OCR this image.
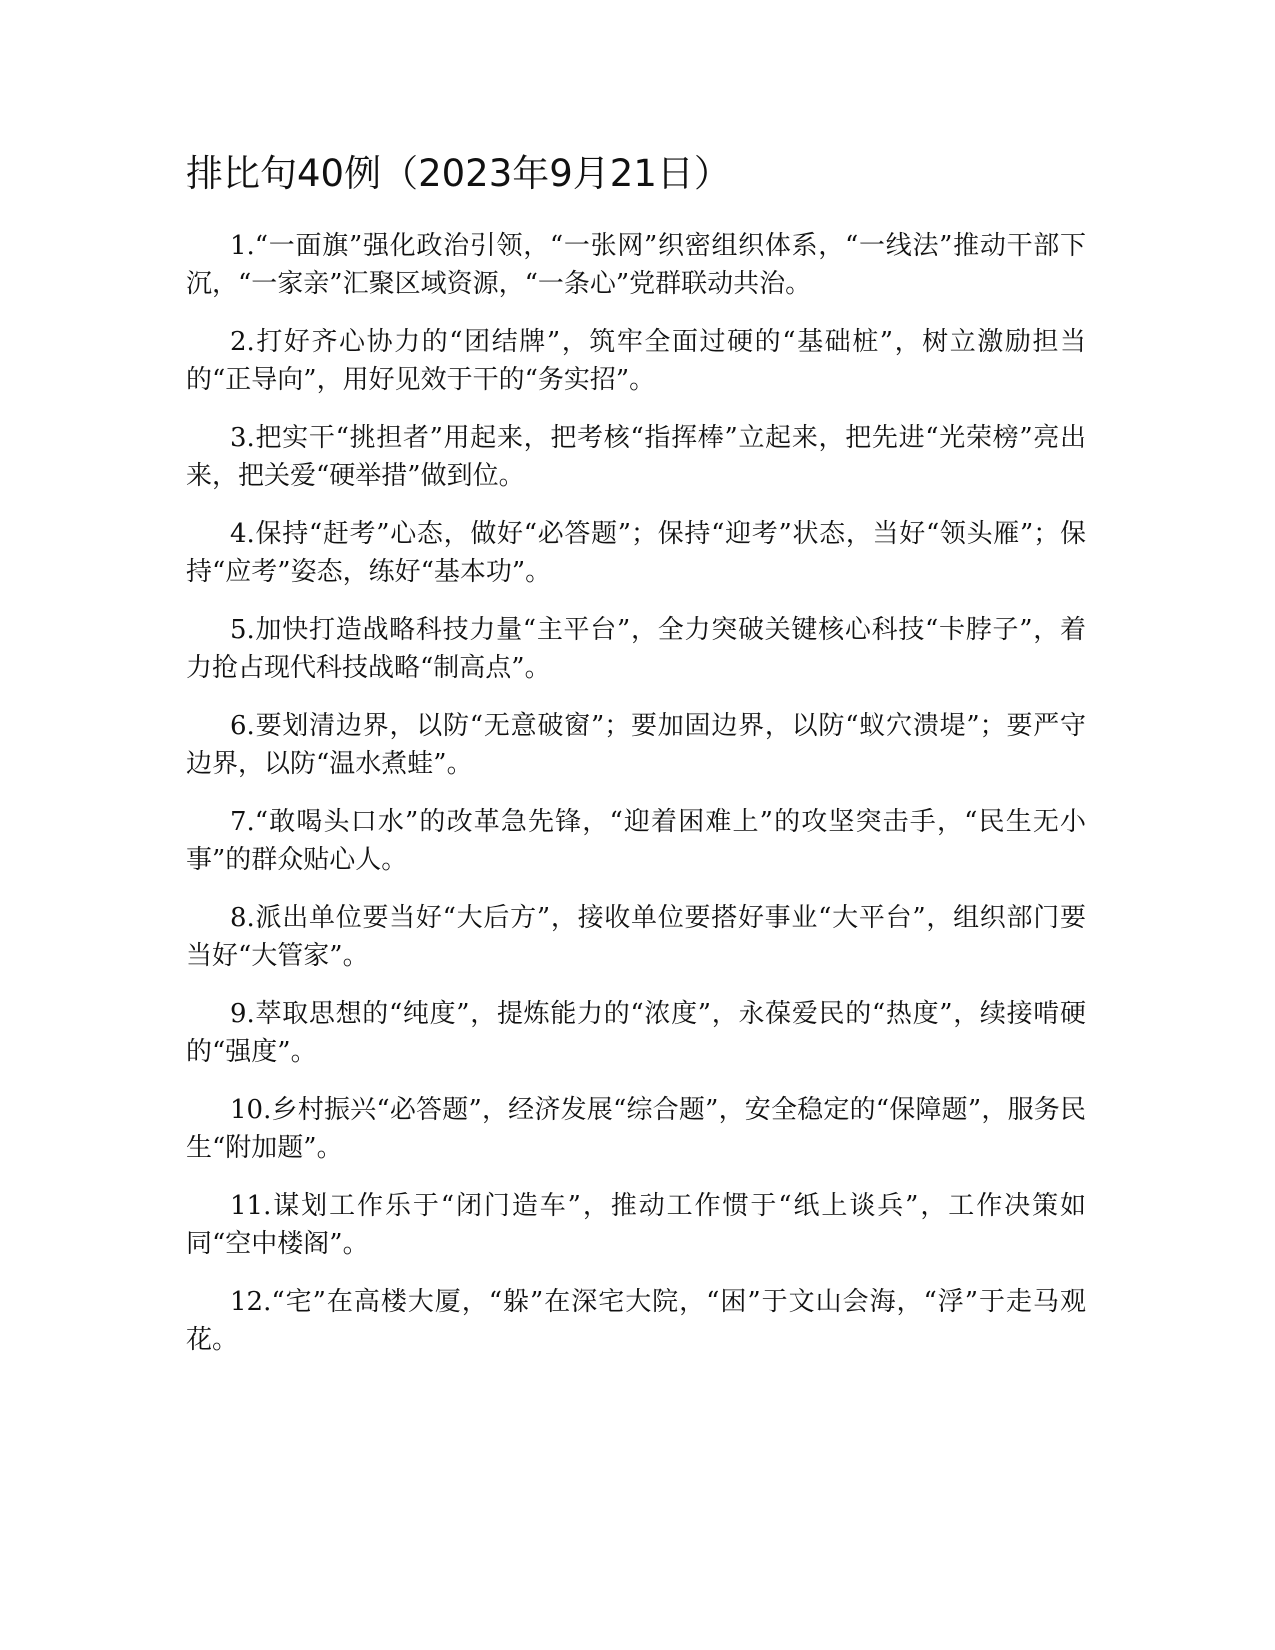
排比句40例（2023年9月21日）
1.“一面旗”强化政治引领，“一张网”织密组织体系，“一线法”推动干部下沉，“一家亲”汇聚区域资源，“一条心”党群联动共治。
2.打好齐心协力的“团结牌”，筑牢全面过硬的“基础桩”，树立激励担当的“正导向”，用好见效于干的“务实招”。
3.把实干“挑担者”用起来，把考核“指挥棒”立起来，把先进“光荣榜”亮出来，把关爱“硬举措”做到位。
4.保持“赶考”心态，做好“必答题”；保持“迎考”状态，当好“领头雁”；保持“应考”姿态，练好“基本功”。
5.加快打造战略科技力量“主平台”，全力突破关键核心科技“卡脖子”，着力抢占现代科技战略“制高点”。
6.要划清边界，以防“无意破窗”；要加固边界，以防“蚁穴溃堤”；要严守边界，以防“温水煮蛙”。
7.“敢喝头口水”的改革急先锋，“迎着困难上”的攻坚突击手，“民生无小事”的群众贴心人。
8.派出单位要当好“大后方”，接收单位要搭好事业“大平台”，组织部门要当好“大管家”。
9.萃取思想的“纯度”，提炼能力的“浓度”，永葆爱民的“热度”，续接啃硬的“强度”。
10.乡村振兴“必答题”，经济发展“综合题”，安全稳定的“保障题”，服务民生“附加题”。
11.谋划工作乐于“闭门造车”，推动工作惯于“纸上谈兵”，工作决策如同“空中楼阁”。
12.“宅”在高楼大厦，“躲”在深宅大院，“困”于文山会海，“浮”于走马观花。
